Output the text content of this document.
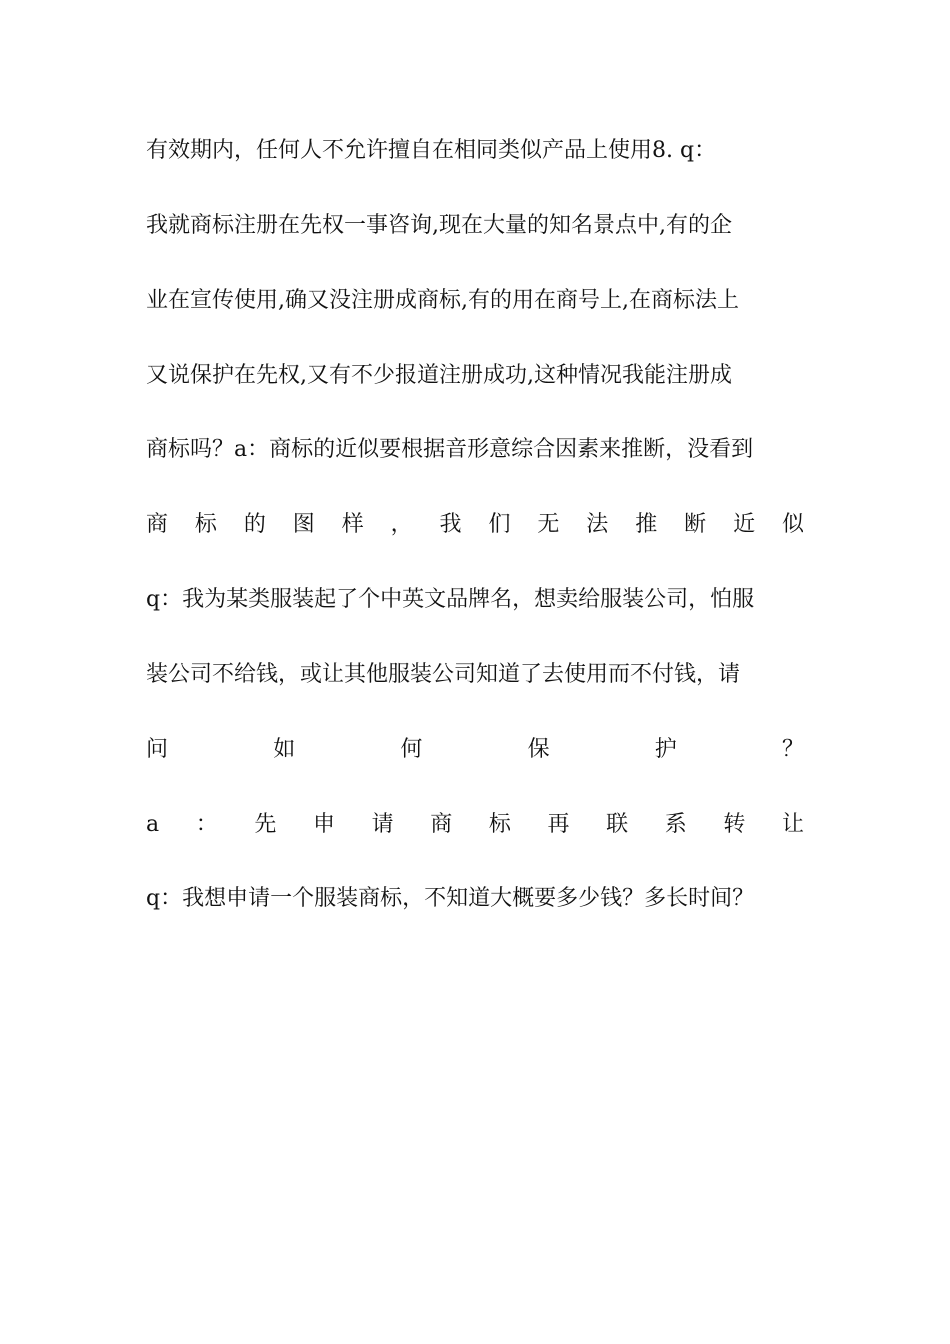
有效期内，任何人不允许擅自在相同类似产品上使用8. q：
我就商标注册在先权一事咨询,现在大量的知名景点中,有的企
业在宣传使用,确又没注册成商标,有的用在商号上,在商标法上
又说保护在先权,又有不少报道注册成功,这种情况我能注册成
商标吗？a：商标的近似要根据音形意综合因素来推断，没看到
商 标 的 图 样 ， 我 们 无 法 推 断 近 似
q：我为某类服装起了个中英文品牌名，想卖给服装公司，怕服
装公司不给钱，或让其他服装公司知道了去使用而不付钱，请
问	如	何	保	护	？
a ： 先 申 请 商 标 再 联 系 转 让
q：我想申请一个服装商标，不知道大概要多少钱？多长时间？
